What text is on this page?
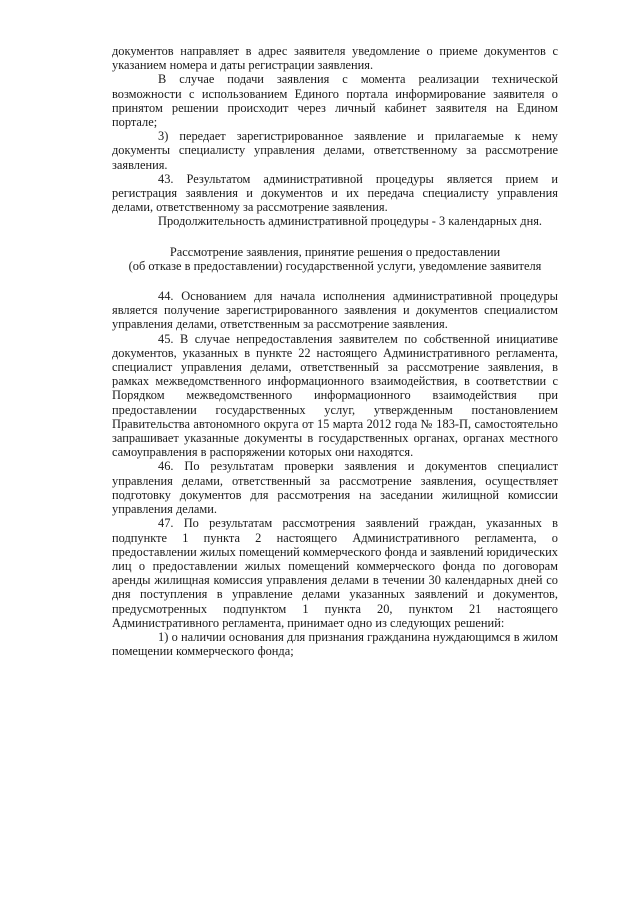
документов направляет в адрес заявителя уведомление о приеме документов с указанием номера и даты регистрации заявления.

В случае подачи заявления с момента реализации технической возможности с использованием Единого портала информирование заявителя о принятом решении происходит через личный кабинет заявителя на Едином портале;

3) передает зарегистрированное заявление и прилагаемые к нему документы специалисту управления делами, ответственному за рассмотрение заявления.

43. Результатом административной процедуры является прием и регистрация заявления и документов и их передача специалисту управления делами, ответственному за рассмотрение заявления.

Продолжительность административной процедуры - 3 календарных дня.

Рассмотрение заявления, принятие решения о предоставлении
(об отказе в предоставлении) государственной услуги, уведомление заявителя

44. Основанием для начала исполнения административной процедуры является получение зарегистрированного заявления и документов специалистом управления делами, ответственным за рассмотрение заявления.

45. В случае непредоставления заявителем по собственной инициативе документов, указанных в пункте 22 настоящего Административного регламента, специалист управления делами, ответственный за рассмотрение заявления, в рамках межведомственного информационного взаимодействия, в соответствии с Порядком межведомственного информационного взаимодействия при предоставлении государственных услуг, утвержденным постановлением Правительства автономного округа от 15 марта 2012 года № 183-П, самостоятельно запрашивает указанные документы в государственных органах, органах местного самоуправления в распоряжении которых они находятся.

46. По результатам проверки заявления и документов специалист управления делами, ответственный за рассмотрение заявления, осуществляет подготовку документов для рассмотрения на заседании жилищной комиссии управления делами.

47. По результатам рассмотрения заявлений граждан, указанных в подпункте 1 пункта 2 настоящего Административного регламента, о предоставлении жилых помещений коммерческого фонда и заявлений юридических лиц о предоставлении жилых помещений коммерческого фонда по договорам аренды жилищная комиссия управления делами в течении 30 календарных дней со дня поступления в управление делами указанных заявлений и документов, предусмотренных подпунктом 1 пункта 20, пунктом 21 настоящего Административного регламента, принимает одно из следующих решений:

1) о наличии основания для признания гражданина нуждающимся в жилом помещении коммерческого фонда;
